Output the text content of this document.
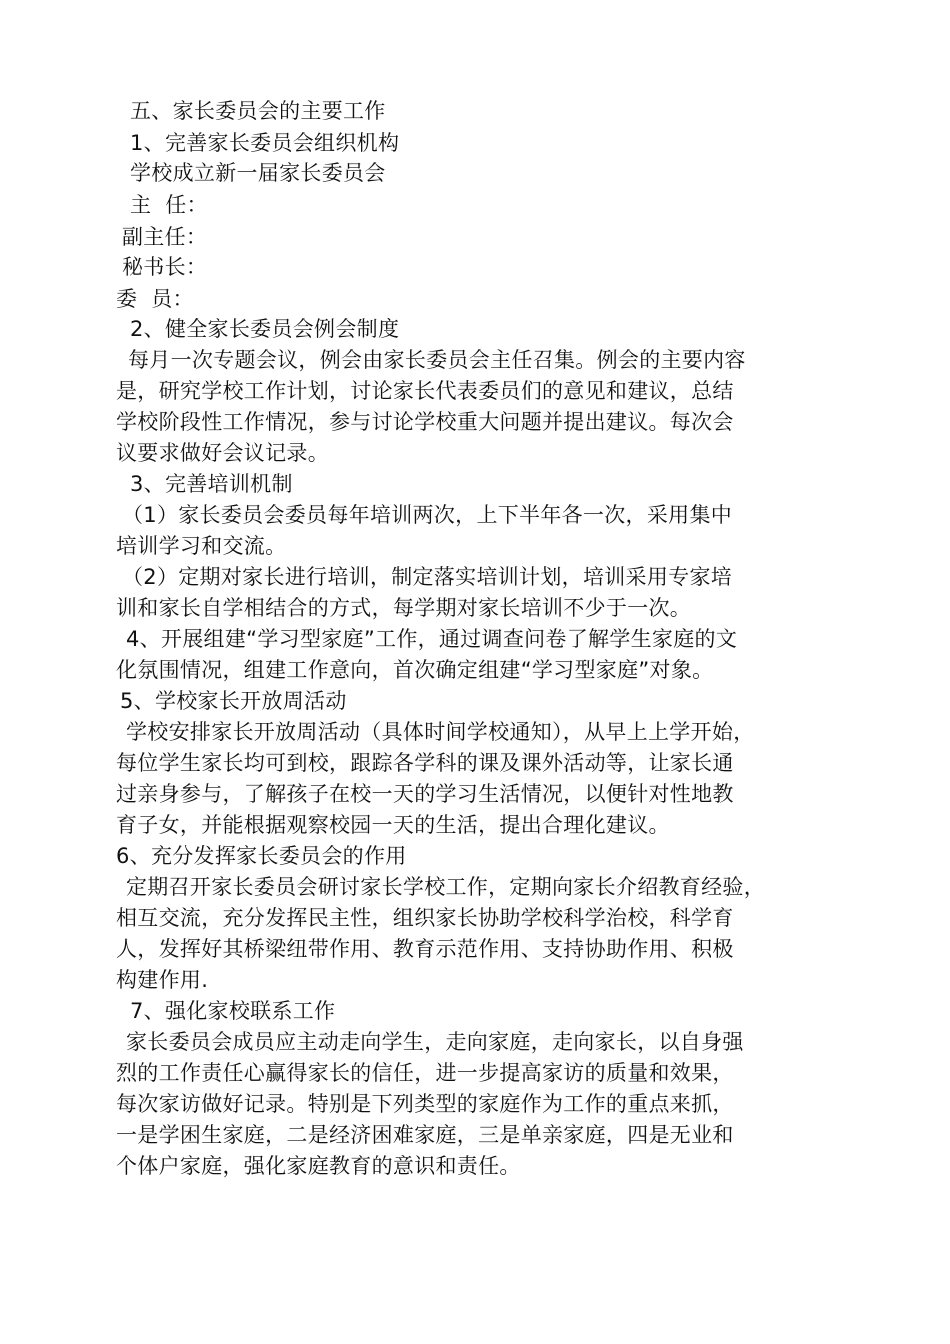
五、家长委员会的主要工作
1、完善家长委员会组织机构
学校成立新一届家长委员会
主  任：
副主任：
秘书长：
委  员：
2、健全家长委员会例会制度
每月一次专题会议，例会由家长委员会主任召集。例会的主要内容
是，研究学校工作计划，讨论家长代表委员们的意见和建议，总结
学校阶段性工作情况，参与讨论学校重大问题并提出建议。每次会
议要求做好会议记录。
3、完善培训机制
（1）家长委员会委员每年培训两次，上下半年各一次，采用集中
培训学习和交流。
（2）定期对家长进行培训，制定落实培训计划，培训采用专家培
训和家长自学相结合的方式，每学期对家长培训不少于一次。
4、开展组建“学习型家庭”工作，通过调查问卷了解学生家庭的文
化氛围情况，组建工作意向，首次确定组建“学习型家庭”对象。
5、学校家长开放周活动
学校安排家长开放周活动（具体时间学校通知），从早上上学开始，
每位学生家长均可到校，跟踪各学科的课及课外活动等，让家长通
过亲身参与，了解孩子在校一天的学习生活情况，以便针对性地教
育子女，并能根据观察校园一天的生活，提出合理化建议。
6、充分发挥家长委员会的作用
定期召开家长委员会研讨家长学校工作，定期向家长介绍教育经验，
相互交流，充分发挥民主性，组织家长协助学校科学治校，科学育
人，发挥好其桥梁纽带作用、教育示范作用、支持协助作用、积极
构建作用.
7、强化家校联系工作
家长委员会成员应主动走向学生，走向家庭，走向家长，以自身强
烈的工作责任心赢得家长的信任，进一步提高家访的质量和效果，
每次家访做好记录。特别是下列类型的家庭作为工作的重点来抓，
一是学困生家庭，二是经济困难家庭，三是单亲家庭，四是无业和
个体户家庭，强化家庭教育的意识和责任。
